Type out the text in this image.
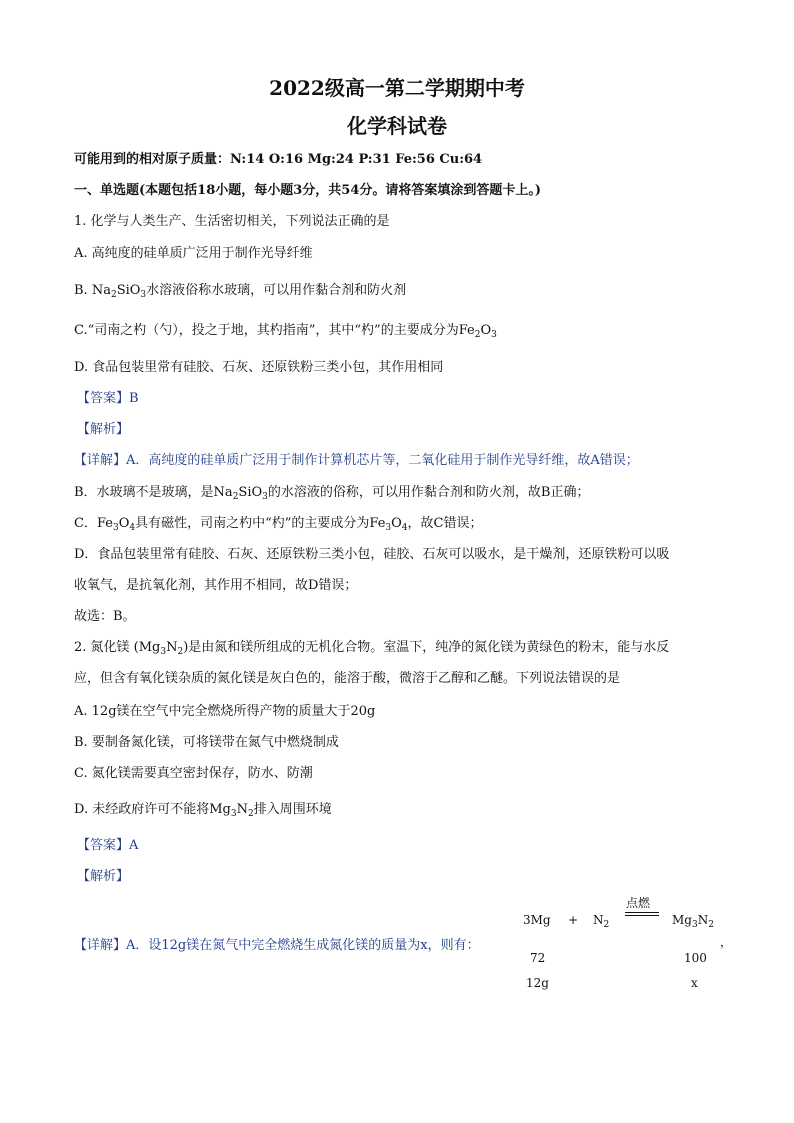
2022级高一第二学期期中考
化学科试卷
可能用到的相对原子质量：N:14 O:16 Mg:24 P:31 Fe:56 Cu:64
一、单选题(本题包括18小题，每小题3分，共54分。请将答案填涂到答题卡上。)
1. 化学与人类生产、生活密切相关，下列说法正确的是
A. 高纯度的硅单质广泛用于制作光导纤维
B. $Na_2SiO_3$水溶液俗称水玻璃，可以用作黏合剂和防火剂
C.“司南之杓（勺），投之于地，其杓指南”，其中“杓”的主要成分为$Fe_2O_3$
D. 食品包装里常有硅胶、石灰、还原铁粉三类小包，其作用相同
【答案】B
【解析】
【详解】A．高纯度的硅单质广泛用于制作计算机芯片等，二氧化硅用于制作光导纤维，故A错误；
B．水玻璃不是玻璃，是$Na_2SiO_3$的水溶液的俗称，可以用作黏合剂和防火剂，故B正确；
C．$Fe_3O_4$具有磁性，司南之杓中“杓”的主要成分为$Fe_3O_4$，故C错误；
D．食品包装里常有硅胶、石灰、还原铁粉三类小包，硅胶、石灰可以吸水，是干燥剂，还原铁粉可以吸
收氧气，是抗氧化剂，其作用不相同，故D错误；
故选：B。
2. 氮化镁 $(Mg_3N_2)$是由氮和镁所组成的无机化合物。室温下，纯净的氮化镁为黄绿色的粉末，能与水反
应，但含有氧化镁杂质的氮化镁是灰白色的，能溶于酸，微溶于乙醇和乙醚。下列说法错误的是
A. 12g镁在空气中完全燃烧所得产物的质量大于20g
B. 要制备氮化镁，可将镁带在氮气中燃烧制成
C. 氮化镁需要真空密封保存，防水、防潮
D. 未经政府许可不能将$Mg_3N_2$排入周围环境
【答案】A
【解析】
【详解】A．设12g镁在氮气中完全燃烧生成氮化镁的质量为x，则有：
$3Mg + N_2$
点燃
$Mg_3N_2$
，
72	100
12g	x
